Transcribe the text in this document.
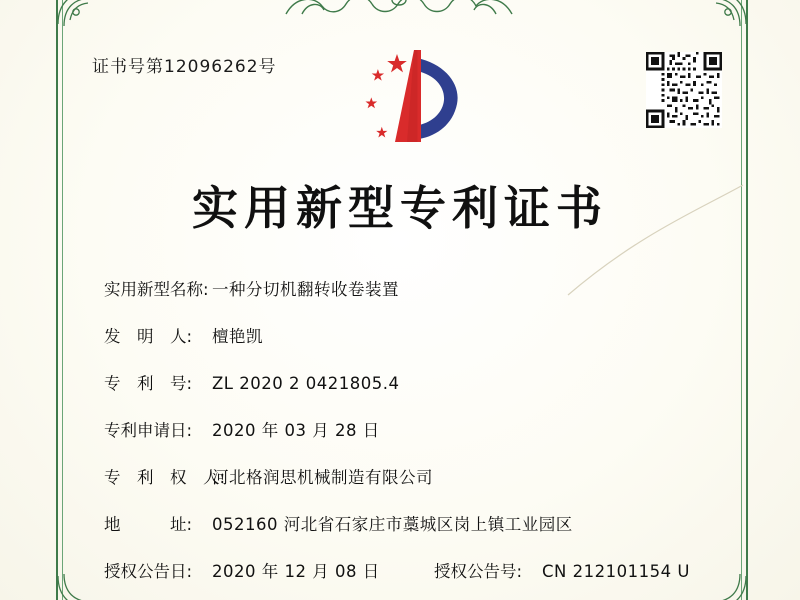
证书号第12096262号
实用新型专利证书
实用新型名称: 一种分切机翻转收卷装置
发　明　人:	檀艳凯
专　利　号:	ZL 2020 2 0421805.4
专利申请日:	2020 年 03 月 28 日
专　利　权　人:
河北格润思机械制造有限公司
地　　　址:	052160 河北省石家庄市藁城区岗上镇工业园区
授权公告日:	2020 年 12 月 08 日	授权公告号:	CN 212101154 U
